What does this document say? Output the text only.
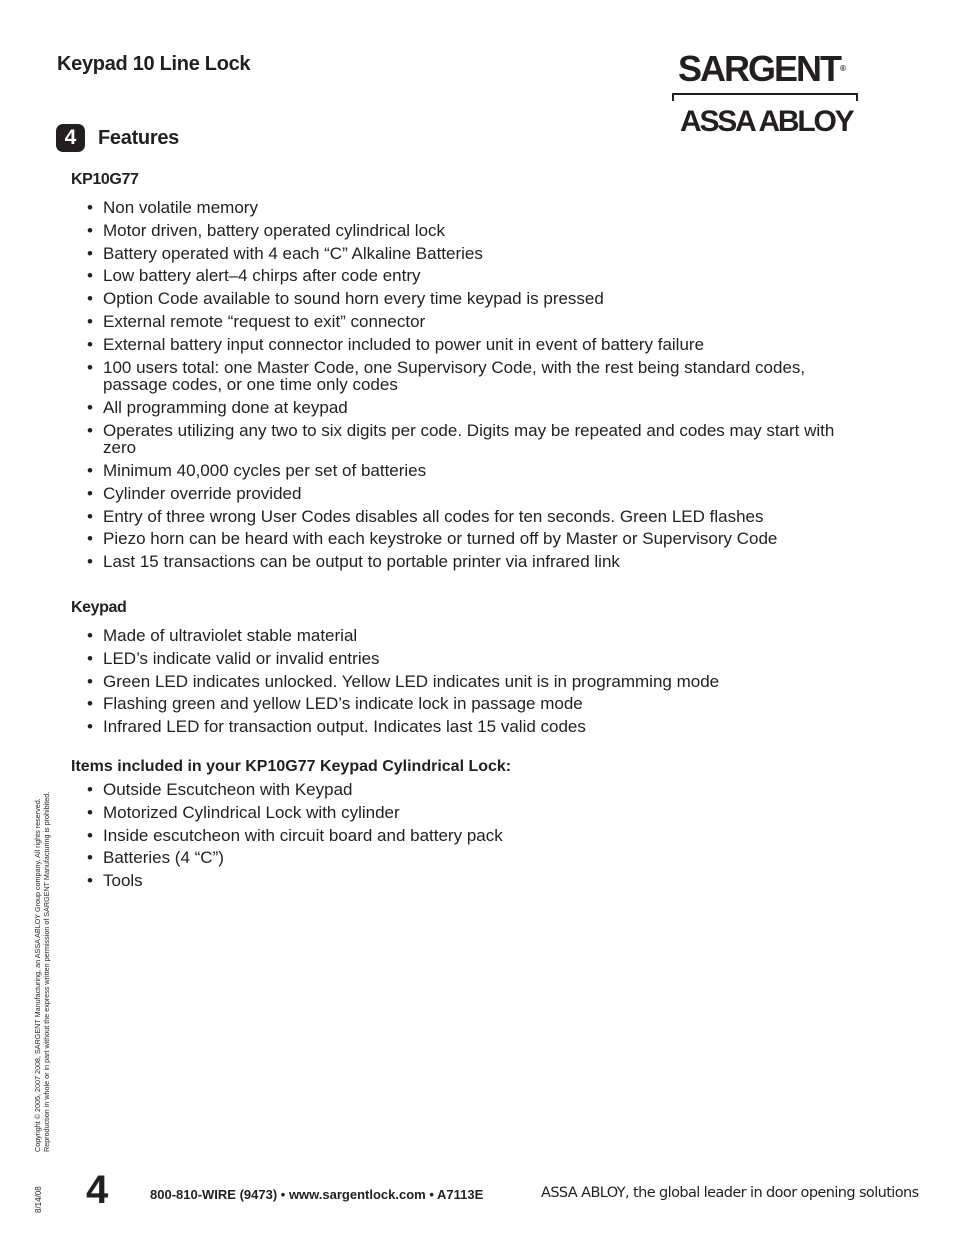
Keypad 10 Line Lock	SARGENT®
ASSA ABLOY
4	Features
KP10G77
• Non volatile memory
• Motor driven, battery operated cylindrical lock
• Battery operated with 4 each “C” Alkaline Batteries
• Low battery alert–4 chirps after code entry
• Option Code available to sound horn every time keypad is pressed
• External remote “request to exit” connector
• External battery input connector included to power unit in event of battery failure
• 100 users total: one Master Code, one Supervisory Code, with the rest being standard codes, passage codes, or one time only codes
• All programming done at keypad
• Operates utilizing any two to six digits per code. Digits may be repeated and codes may start with zero
• Minimum 40,000 cycles per set of batteries
• Cylinder override provided
• Entry of three wrong User Codes disables all codes for ten seconds. Green LED flashes
• Piezo horn can be heard with each keystroke or turned off by Master or Supervisory Code
• Last 15 transactions can be output to portable printer via infrared link
Keypad
• Made of ultraviolet stable material
• LED’s indicate valid or invalid entries
• Green LED indicates unlocked. Yellow LED indicates unit is in programming mode
• Flashing green and yellow LED’s indicate lock in passage mode
• Infrared LED for transaction output. Indicates last 15 valid codes
Items included in your KP10G77 Keypad Cylindrical Lock:
• Outside Escutcheon with Keypad
• Motorized Cylindrical Lock with cylinder
• Inside escutcheon with circuit board and battery pack
• Batteries (4 “C”)
• Tools
Copyright © 2005, 2007 2008, SARGENT Manufacturing, an ASSA ABLOY Group company. All rights reserved. Reproduction in whole or in part without the express written permission of SARGENT Manufacturing is prohibited.
8/14/08 4	800-810-WIRE (9473) • www.sargentlock.com • A7113E	ASSA ABLOY, the global leader in door opening solutions
